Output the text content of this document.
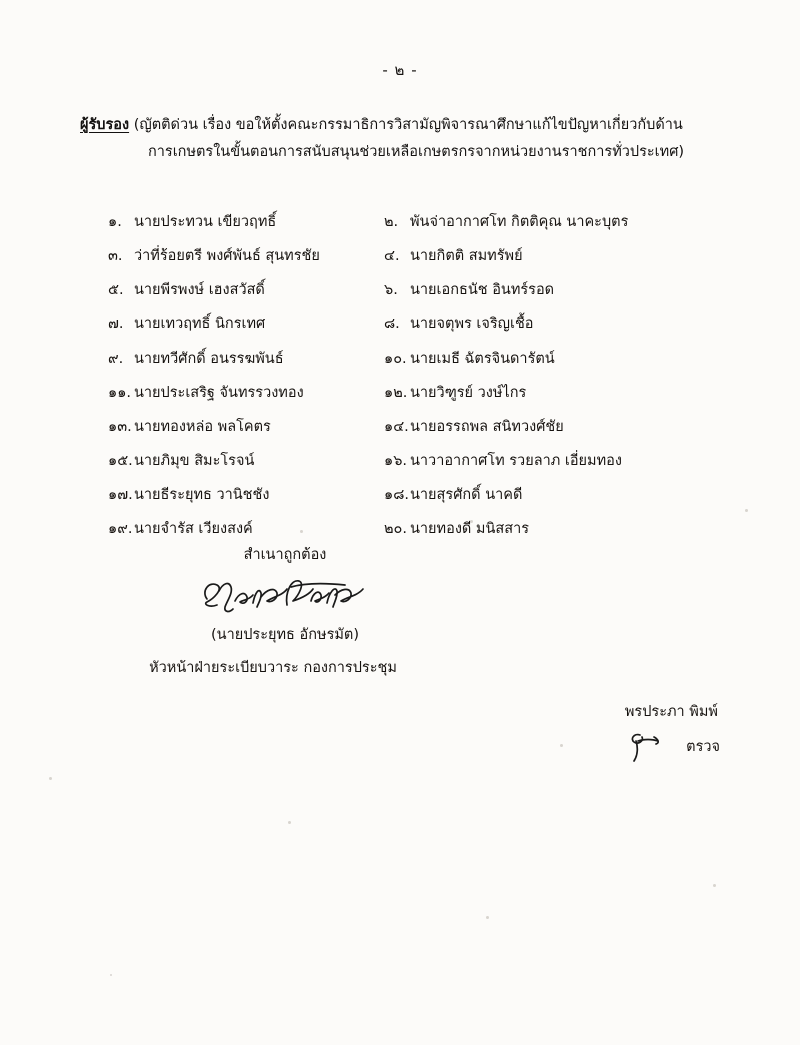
- ๒ -
ผู้รับรอง (ญัตติด่วน เรื่อง ขอให้ตั้งคณะกรรมาธิการวิสามัญพิจารณาศึกษาแก้ไขปัญหาเกี่ยวกับด้าน
การเกษตรในขั้นตอนการสนับสนุนช่วยเหลือเกษตรกรจากหน่วยงานราชการทั่วประเทศ)
๑. นายประทวน เขียวฤทธิ์	๒. พันจ่าอากาศโท กิตติคุณ นาคะบุตร
๓. ว่าที่ร้อยตรี พงศ์พันธ์ สุนทรชัย	๔. นายกิตติ สมทรัพย์
๕. นายพีรพงษ์ เฮงสวัสดิ์	๖. นายเอกธนัช อินทร์รอด
๗. นายเทวฤทธิ์ นิกรเทศ	๘. นายจตุพร เจริญเชื้อ
๙. นายทวีศักดิ์ อนรรฆพันธ์	๑๐. นายเมธี ฉัตรจินดารัตน์
๑๑. นายประเสริฐ จันทรรวงทอง	๑๒. นายวิฑูรย์ วงษ์ไกร
๑๓. นายทองหล่อ พลโคตร	๑๔.นายอรรถพล สนิทวงศ์ชัย
๑๕.นายภิมุข สิมะโรจน์	๑๖. นาวาอากาศโท รวยลาภ เอี่ยมทอง
๑๗.นายธีระยุทธ วานิชชัง	๑๘.นายสุรศักดิ์ นาคดี
๑๙. นายจำรัส เวียงสงค์	๒๐. นายทองดี มนิสสาร
สำเนาถูกต้อง
(นายประยุทธ อักษรมัต)
หัวหน้าฝ่ายระเบียบวาระ กองการประชุม
พรประภา พิมพ์
ตรวจ
